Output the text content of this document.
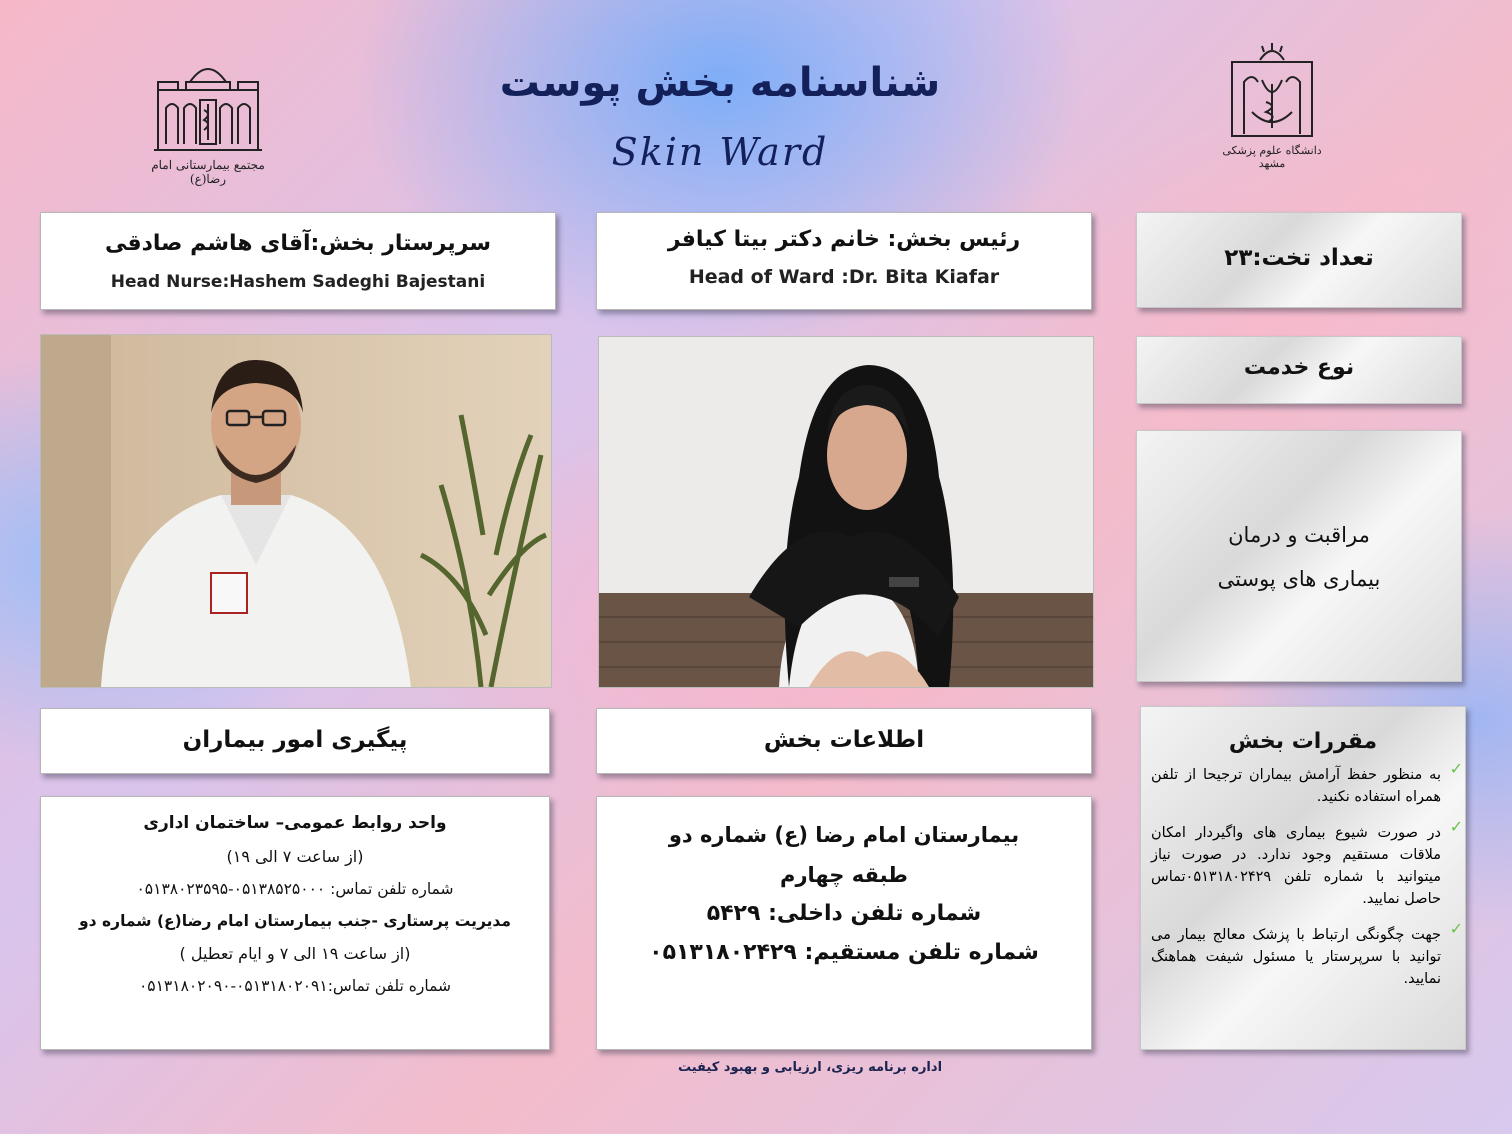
شناسنامه بخش پوست
Skin Ward
مجتمع بیمارستانی امام رضا(ع)
دانشگاه علوم پزشکی مشهد
سرپرستار بخش:آقای هاشم صادقی
Head Nurse:Hashem Sadeghi Bajestani
رئیس بخش: خانم دکتر بیتا کیافر
Head of Ward :Dr. Bita Kiafar
تعداد تخت:۲۳
نوع خدمت
مراقبت و درمان
بیماری های پوستی
پیگیری امور بیماران	اطلاعات بخش
واحد روابط عمومی– ساختمان اداری
(از ساعت ۷ الی ۱۹)
شماره تلفن تماس: ۰۵۱۳۸۵۲۵۰۰۰-۰۵۱۳۸۰۲۳۵۹۵
مدیریت پرستاری -جنب بیمارستان امام رضا(ع) شماره دو
(از ساعت ۱۹ الی ۷ و ایام تعطیل )
شماره تلفن تماس:۰۵۱۳۱۸۰۲۰۹۱-۰۵۱۳۱۸۰۲۰۹۰
بیمارستان امام رضا (ع) شماره دو
طبقه چهارم
شماره تلفن داخلی: ۵۴۲۹
شماره تلفن مستقیم: ۰۵۱۳۱۸۰۲۴۲۹
مقررات بخش
✓
به منظور حفظ آرامش بیماران ترجیحا از تلفن همراه استفاده نکنید.
✓
در صورت شیوع بیماری های واگیردار امکان ملاقات مستقیم وجود ندارد. در صورت نیاز میتوانید با شماره تلفن ۰۵۱۳۱۸۰۲۴۲۹تماس حاصل نمایید.
✓
جهت چگونگی ارتباط با پزشک معالج بیمار می توانید با سرپرستار یا مسئول شیفت هماهنگ نمایید.
اداره برنامه ریزی، ارزیابی و بهبود کیفیت
